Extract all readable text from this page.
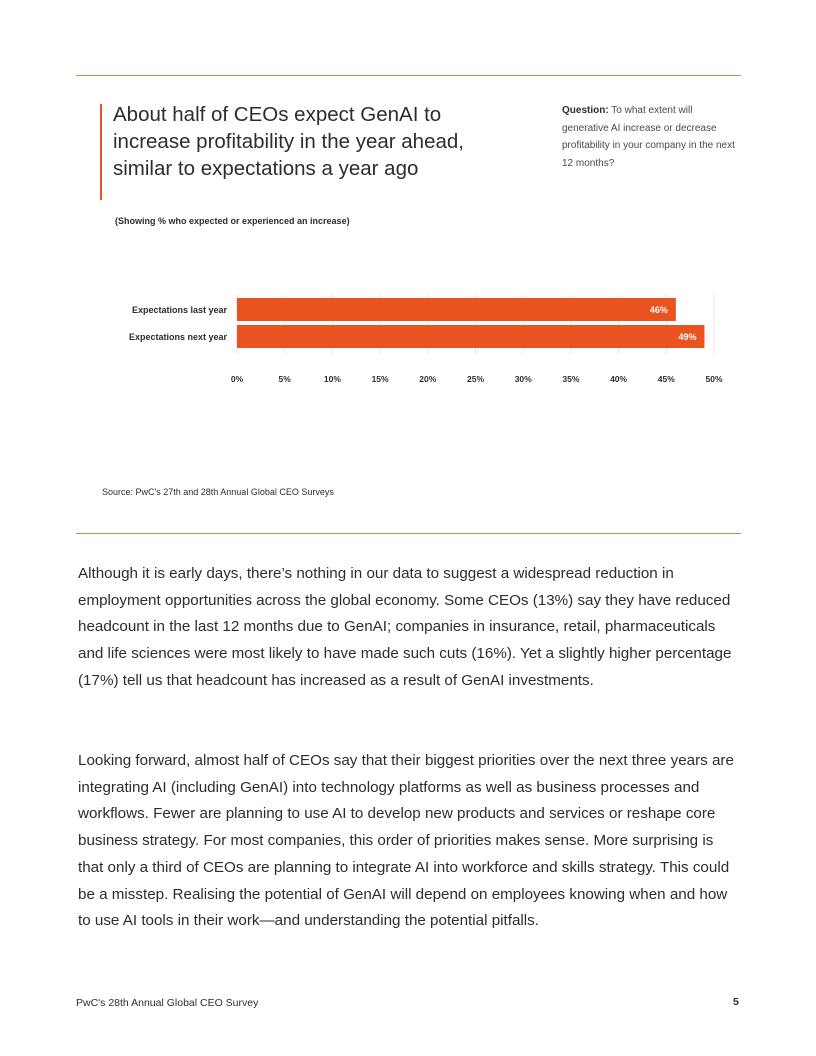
About half of CEOs expect GenAI to increase profitability in the year ahead, similar to expectations a year ago
Question: To what extent will generative AI increase or decrease profitability in your company in the next 12 months?
(Showing % who expected or experienced an increase)
Expectations last year	46%
Expectations next year	49%
0%	5%	10%	15%	20%	25%	30%	35%	40%	45%	50%
Source: PwC's 27th and 28th Annual Global CEO Surveys

Although it is early days, there’s nothing in our data to suggest a widespread reduction in employment opportunities across the global economy. Some CEOs (13%) say they have reduced headcount in the last 12 months due to GenAI; companies in insurance, retail, pharmaceuticals and life sciences were most likely to have made such cuts (16%). Yet a slightly higher percentage (17%) tell us that headcount has increased as a result of GenAI investments.

Looking forward, almost half of CEOs say that their biggest priorities over the next three years are integrating AI (including GenAI) into technology platforms as well as business processes and workflows. Fewer are planning to use AI to develop new products and services or reshape core business strategy. For most companies, this order of priorities makes sense. More surprising is that only a third of CEOs are planning to integrate AI into workforce and skills strategy. This could be a misstep. Realising the potential of GenAI will depend on employees knowing when and how to use AI tools in their work—and understanding the potential pitfalls.

PwC's 28th Annual Global CEO Survey	5
